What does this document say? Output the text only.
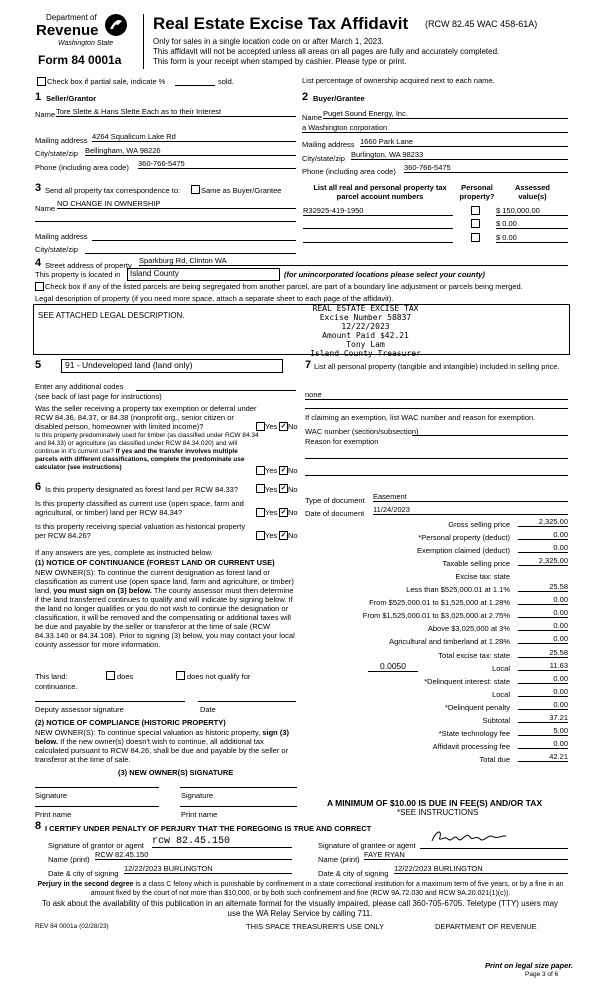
Department of
Revenue
Washington State
Form 84 0001a
Real Estate Excise Tax Affidavit (RCW 82.45 WAC 458-61A)
Only for sales in a single location code on or after March 1, 2023.
This affidavit will not be accepted unless all areas on all pages are fully and accurately completed.
This form is your receipt when stamped by cashier. Please type or print.
Check box if partial sale, indicate %	sold.	List percentage of ownership acquired next to each name.
1 Seller/Grantor
Name Tore Slette & Hans Slette Each as to their Interest
Mailing address 4264 Squalicum Lake Rd
City/state/zip Bellingham, WA 98226
Phone (including area code) 360-766-5475
2 Buyer/Grantee
Name Puget Sound Energy, Inc.
a Washington corporation
Mailing address 1660 Park Lane
City/state/zip Burlington, WA 98233
Phone (including area code) 360-766-5475
3 Send all property tax correspondence to:	Same as Buyer/Grantee
Name
NO CHANGE IN OWNERSHIP
Mailing address
City/state/zip
List all real and personal property tax parcel account numbers
Personal property?
Assessed value(s)
R32925-419-1950	$ 150,000.00
$ 0.00
$ 0.00
4 Street address of property
Sparkburg Rd, Clinton WA
This property is located in Island County	(for unincorporated locations please select your county)
Check box if any of the listed parcels are being segregated from another parcel, are part of a boundary line adjustment or parcels being merged.
Legal description of property (if you need more space, attach a separate sheet to each page of the affidavit).
SEE ATTACHED LEGAL DESCRIPTION.
REAL ESTATE EXCISE TAX
Excise Number 58837
12/22/2023
Amount Paid $42.21
Tony Lam
Island County Treasurer
5	91 - Undeveloped land (land only)
Enter any additional codes
(see back of last page for instructions)
Was the seller receiving a property tax exemption or deferral under RCW 84.36, 84.37, or 84.38 (nonprofit org., senior citizen or disabled person, homeowner with limited income)?	Yes ✓ No
Is this property predominately used for timber (as classified under RCW 84.34 and 84.33) or agriculture (as classified under RCW 84.34.020) and will continue in it's current use? If yes and the transfer involves multiple parcels with different classifications, complete the predominate use calculator (see instructions)	Yes ✓ No
7 List all personal property (tangible and intangible) included in selling price.
none
If claiming an exemption, list WAC number and reason for exemption.
WAC number (section/subsection)
Reason for exemption
Type of document Easement
Date of document 11/24/2023
6 Is this property designated as forest land per RCW 84.33?	Yes ✓ No
Is this property classified as current use (open space, farm and agricultural, or timber) land per RCW 84.34?	Yes ✓ No
Is this property receiving special valuation as historical property per RCW 84.26?	Yes ✓ No
If any answers are yes, complete as instructed below.
(1) NOTICE OF CONTINUANCE (FOREST LAND OR CURRENT USE)
NEW OWNER(S): To continue the current designation as forest land or classification as current use (open space land, farm and agriculture, or timber) land, you must sign on (3) below. The county assessor must then determine if the land transferred continues to qualify and will indicate by signing below. If the land no longer qualifies or you do not wish to continue the designation or classification, it will be removed and the compensating or additional taxes will be due and payable by the seller or transferor at the time of sale (RCW 84.33.140 or 84.34.108). Prior to signing (3) below, you may contact your local county assessor for more information.
This land:	does	does not qualify for
continuance.
Deputy assessor signature	Date
(2) NOTICE OF COMPLIANCE (HISTORIC PROPERTY)
NEW OWNER(S): To continue special valuation as historic property, sign (3) below. If the new owner(s) doesn't wish to continue, all additional tax calculated pursuant to RCW 84.26, shall be due and payable by the seller or transferor at the time of sale.
(3) NEW OWNER(S) SIGNATURE
Signature	Signature
Print name	Print name
Gross selling price	2,325.00
*Personal property (deduct)	0.00
Exemption claimed (deduct)	0.00
Taxable selling price	2,325.00
Excise tax: state
Less than $525,000.01 at 1.1%	25.58
From $525,000.01 to $1,525,000 at 1.28%	0.00
From $1,525,000.01 to $3,025,000 at 2.75%	0.00
Above $3,025,000 at 3%	0.00
Agricultural and timberland at 1.28%	0.00
Total excise tax: state	25.58
Local	11.63
0.0050
*Delinquent interest: state	0.00
Local	0.00
*Delinquent penalty	0.00
Subtotal	37.21
*State technology fee	5.00
Affidavit processing fee	0.00
Total due	42.21
A MINIMUM OF $10.00 IS DUE IN FEE(S) AND/OR TAX
*SEE INSTRUCTIONS
8 I CERTIFY UNDER PENALTY OF PERJURY THAT THE FOREGOING IS TRUE AND CORRECT
Signature of grantor or agent rcw 82.45.150
Name (print)
RCW 82.45.150
Date & city of signing
12/22/2023 BURLINGTON
Signature of grantee or agent
Name (print)
FAYE RYAN
Date & city of signing
12/22/2023 BURLINGTON
Perjury in the second degree is a class C felony which is punishable by confinement in a state correctional institution for a maximum term of five years, or by a fine in an amount fixed by the court of not more than $10,000, or by both such confinement and fine (RCW 9A.72.030 and RCW 9A.20.021(1)(c)).
To ask about the availability of this publication in an alternate format for the visually impaired, please call 360-705-6705. Teletype (TTY) users may use the WA Relay Service by calling 711.
REV 84 0001a (02/28/23)	THIS SPACE TREASURER'S USE ONLY	DEPARTMENT OF REVENUE
Print on legal size paper.
Page 3 of 6
